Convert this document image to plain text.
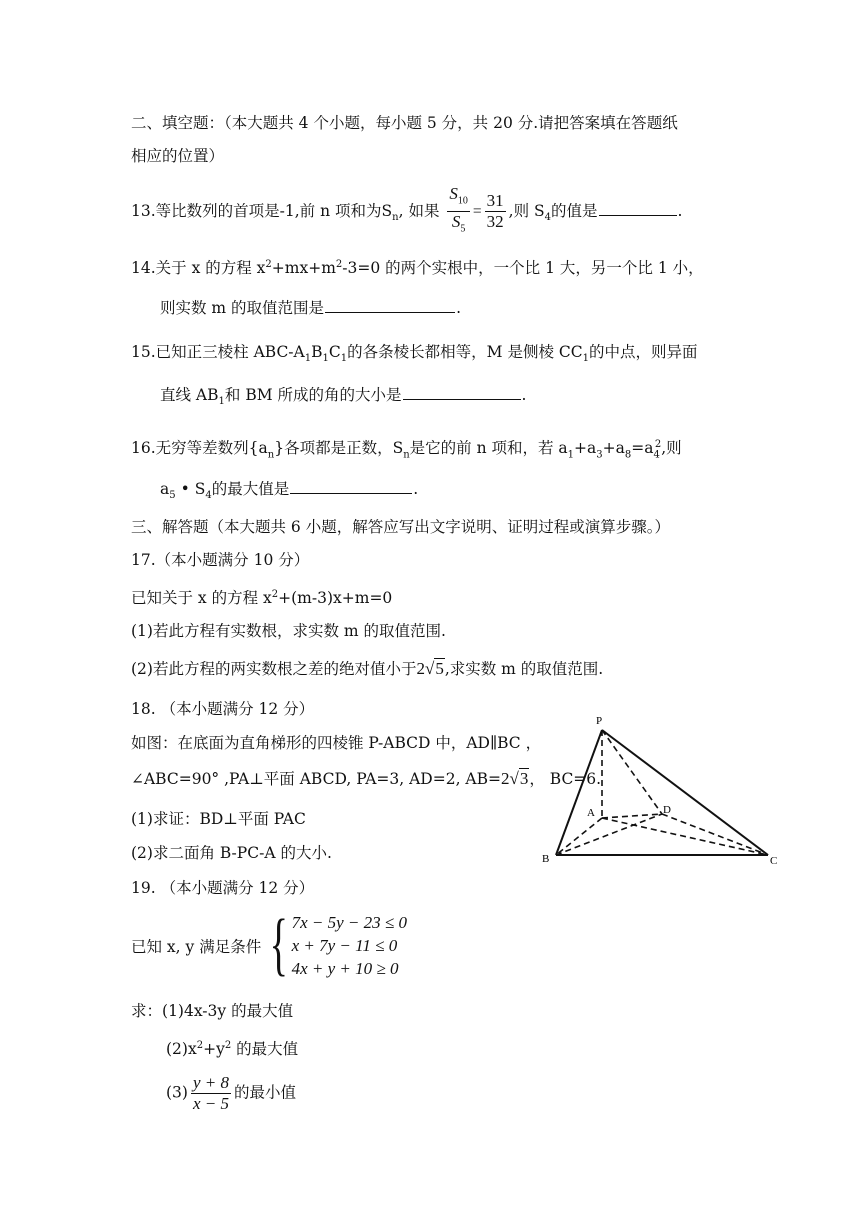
二、填空题：（本大题共 4 个小题，每小题 5 分，共 20 分.请把答案填在答题纸
相应的位置）
13.等比数列的首项是-1,前 n 项和为$S_n$, 如果 $\frac{S_{10}}{S_5} = \frac{31}{32}$ ,则 $S_4$的值是	.
14.关于 x 的方程 $x^2+mx+m^2-3=0$ 的两个实根中，一个比 1 大，另一个比 1 小，
则实数 m 的取值范围是	.
15.已知正三棱柱 ABC-$A_1B_1C_1$的各条棱长都相等，M 是侧棱 $CC_1$的中点，则异面
直线 $AB_1$和 BM 所成的角的大小是	.
16.无穷等差数列$\{a_n\}$各项都是正数，$S_n$是它的前 n 项和，若 $a_1+a_3+a_8=a_4^2$,则
$a_5$ • $S_4$的最大值是	.
三、解答题（本大题共 6 小题，解答应写出文字说明、证明过程或演算步骤。）
17.（本小题满分 10 分）
已知关于 x 的方程 $x^2+(m-3)x+m=0$
(1)若此方程有实数根，求实数 m 的取值范围.
(2)若此方程的两实数根之差的绝对值小于2√5,求实数 m 的取值范围.
18. （本小题满分 12 分）
如图：在底面为直角梯形的四棱锥 P-ABCD 中，AD∥BC ，
∠ABC=90° ,PA⊥平面 ABCD, PA=3, AD=2, AB=2√3， BC=6.
(1)求证：BD⊥平面 PAC
(2)求二面角 B-PC-A 的大小.
P
A	D
B	C
19. （本小题满分 12 分）
已知 x, y 满足条件 { 7x − 5y − 23 ≤ 0
x + 7y − 11 ≤ 0
4x + y + 10 ≥ 0
求：(1)4x-3y 的最大值
$(2)x^2+y^2$ 的最大值
$(3) \frac{y + 8}{x - 5}$ 的最小值
